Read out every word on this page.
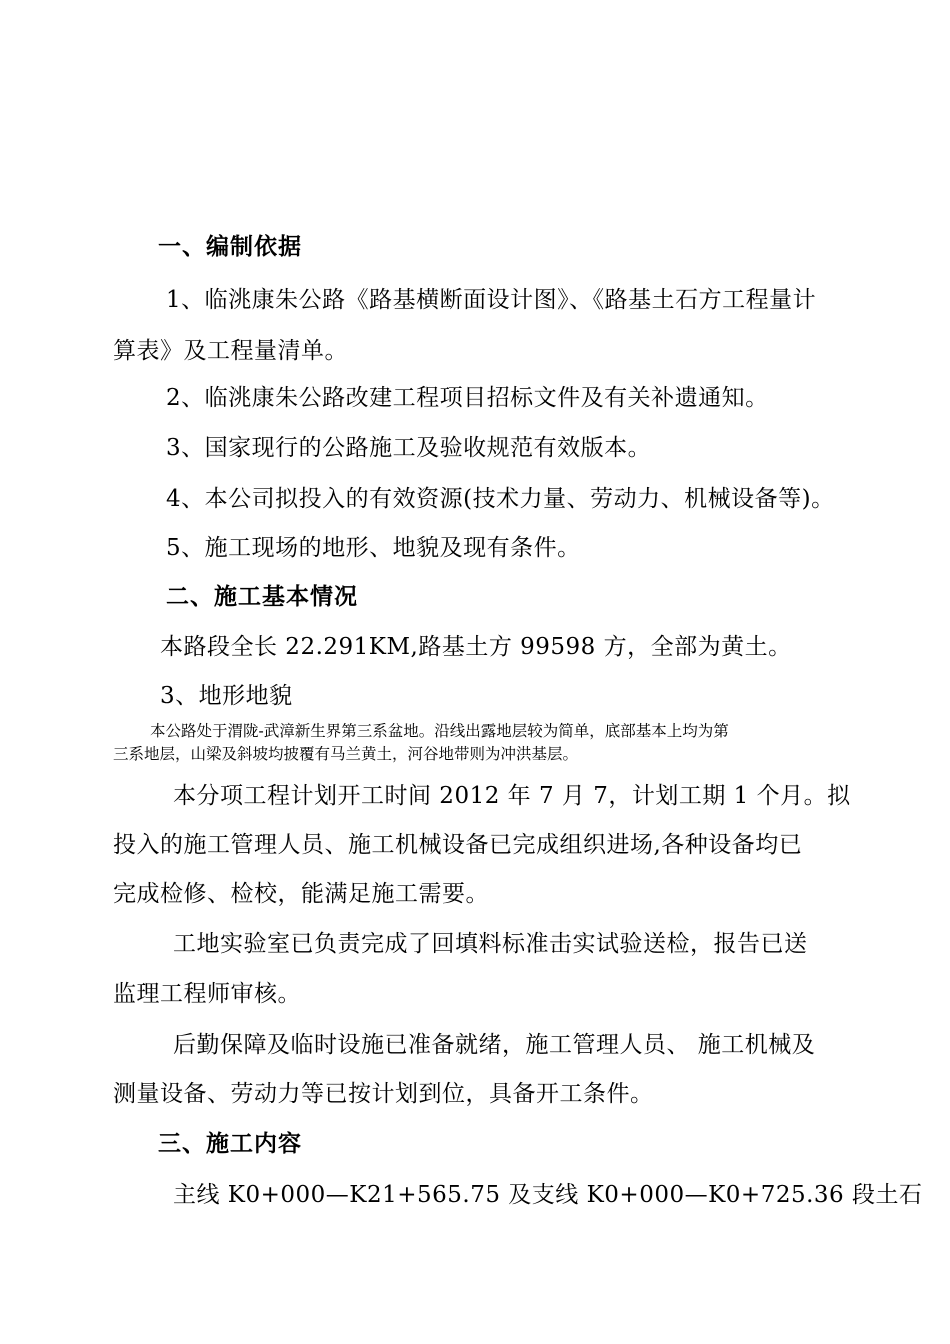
一、编制依据
1、临洮康朱公路《路基横断面设计图》、《路基土石方工程量计
算表》及工程量清单。
2、临洮康朱公路改建工程项目招标文件及有关补遗通知。
3、国家现行的公路施工及验收规范有效版本。
4、本公司拟投入的有效资源(技术力量、劳动力、机械设备等)。
5、施工现场的地形、地貌及现有条件。
二、施工基本情况
本路段全长 22.291KM,路基土方 99598 方，全部为黄土。
3、地形地貌
本公路处于渭陇-武漳新生界第三系盆地。沿线出露地层较为简单，底部基本上均为第
三系地层，山梁及斜坡均披覆有马兰黄土，河谷地带则为冲洪基层。
本分项工程计划开工时间 2012 年 7 月 7，计划工期 1 个月。拟
投入的施工管理人员、施工机械设备已完成组织进场,各种设备均已
完成检修、检校，能满足施工需要。
工地实验室已负责完成了回填料标准击实试验送检，报告已送
监理工程师审核。
后勤保障及临时设施已准备就绪，施工管理人员、 施工机械及
测量设备、劳动力等已按计划到位，具备开工条件。
三、施工内容
主线 K0+000—K21+565.75 及支线 K0+000—K0+725.36 段土石
